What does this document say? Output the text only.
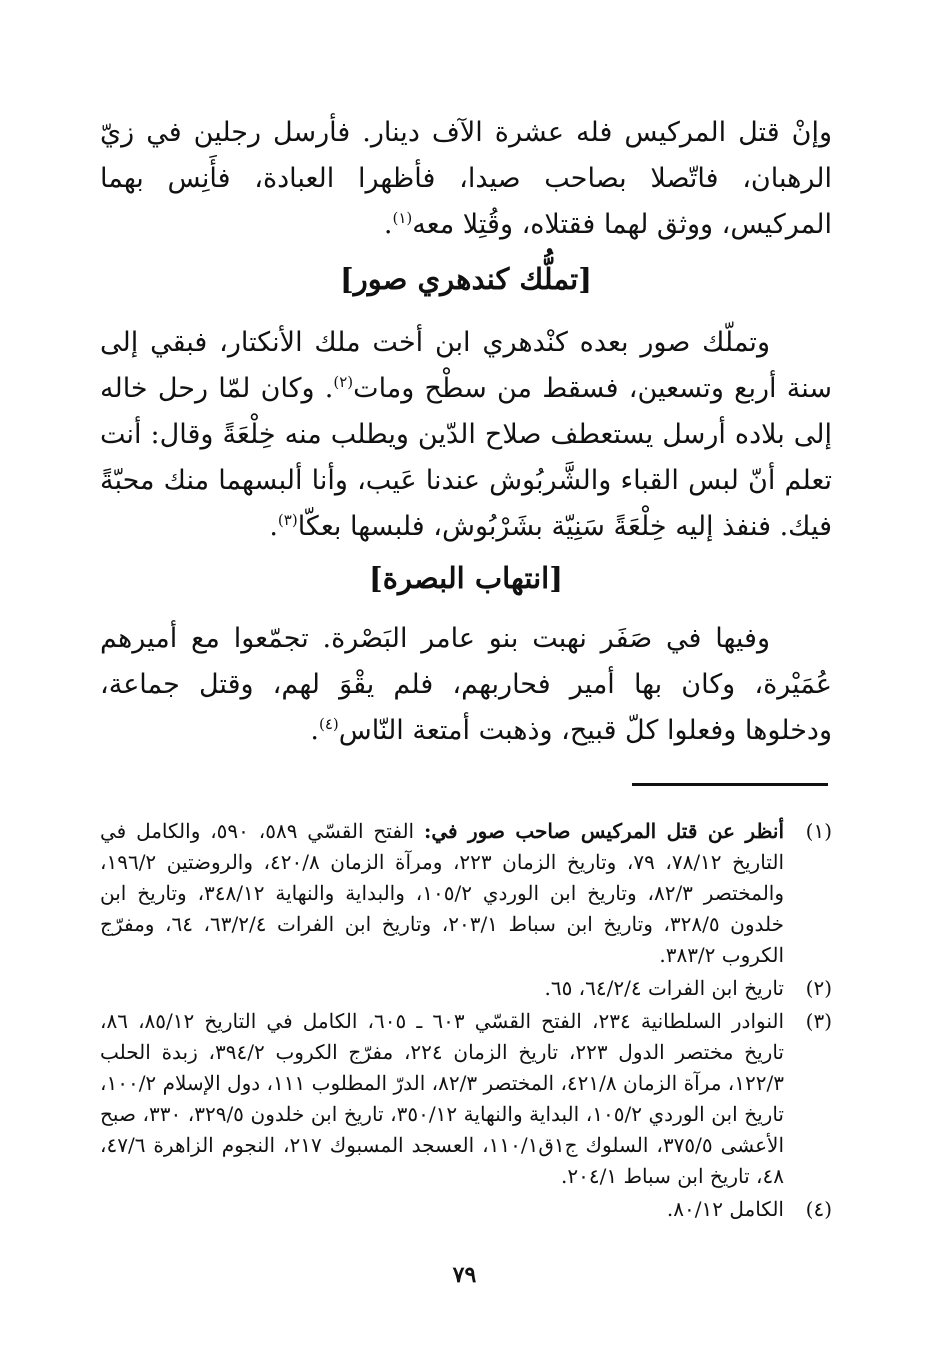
وإنْ قتل المركيس فله عشرة الآف دينار. فأرسل رجلين في زيّ الرهبان، فاتّصلا بصاحب صيدا، فأظهرا العبادة، فأَنِس بهما المركيس، ووثق لهما فقتلاه، وقُتِلا معه$^{(١)}$.
[تملُّك كندهري صور]
وتملّك صور بعده كنْدهري ابن أخت ملك الأنكتار، فبقي إلى سنة أربع وتسعين، فسقط من سطْح ومات$^{(٢)}$. وكان لمّا رحل خاله إلى بلاده أرسل يستعطف صلاح الدّين ويطلب منه خِلْعَةً وقال: أنت تعلم أنّ لبس القباء والشَّربُوش عندنا عَيب، وأنا ألبسهما منك محبّةً فيك. فنفذ إليه خِلْعَةً سَنِيّة بشَرْبُوش، فلبسها بعكّا$^{(٣)}$.
[انتهاب البصرة]
وفيها في صَفَر نهبت بنو عامر البَصْرة. تجمّعوا مع أميرهم عُمَيْرة، وكان بها أمير فحاربهم، فلم يقْوَ لهم، وقتل جماعة، ودخلوها وفعلوا كلّ قبيح، وذهبت أمتعة النّاس$^{(٤)}$.
(١)
أنظر عن قتل المركيس صاحب صور في: الفتح القسّي ٥٨٩، ٥٩٠، والكامل في التاريخ ٧٨/١٢، ٧٩، وتاريخ الزمان ٢٢٣، ومرآة الزمان ٤٢٠/٨، والروضتين ١٩٦/٢، والمختصر ٨٢/٣، وتاريخ ابن الوردي ١٠٥/٢، والبداية والنهاية ٣٤٨/١٢، وتاريخ ابن خلدون ٣٢٨/٥، وتاريخ ابن سباط ٢٠٣/١، وتاريخ ابن الفرات ٦٣/٢/٤، ٦٤، ومفرّج الكروب ٣٨٣/٢.
(٢)
تاريخ ابن الفرات ٦٤/٢/٤، ٦٥.
(٣)
النوادر السلطانية ٢٣٤، الفتح القسّي ٦٠٣ ـ ٦٠٥، الكامل في التاريخ ٨٥/١٢، ٨٦، تاريخ مختصر الدول ٢٢٣، تاريخ الزمان ٢٢٤، مفرّج الكروب ٣٩٤/٢، زبدة الحلب ١٢٢/٣، مرآة الزمان ٤٢١/٨، المختصر ٨٢/٣، الدرّ المطلوب ١١١، دول الإسلام ١٠٠/٢، تاريخ ابن الوردي ١٠٥/٢، البداية والنهاية ٣٥٠/١٢، تاريخ ابن خلدون ٣٢٩/٥، ٣٣٠، صبح الأعشى ٣٧٥/٥، السلوك ج١ق١١٠/١، العسجد المسبوك ٢١٧، النجوم الزاهرة ٤٧/٦، ٤٨، تاريخ ابن سباط ٢٠٤/١.
(٤)
الكامل ٨٠/١٢.
٧٩
